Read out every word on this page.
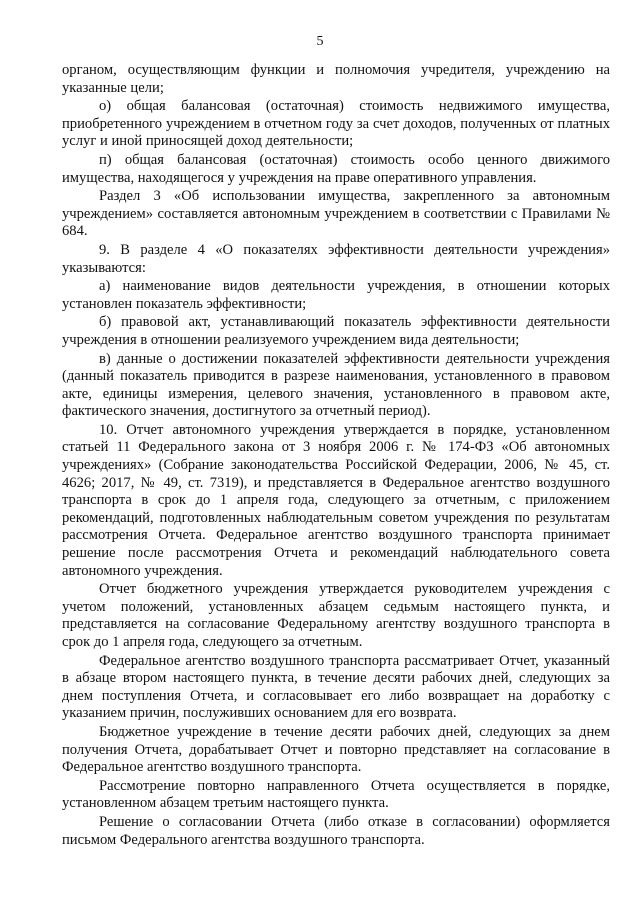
5

органом, осуществляющим функции и полномочия учредителя, учреждению на указанные цели;

о) общая балансовая (остаточная) стоимость недвижимого имущества, приобретенного учреждением в отчетном году за счет доходов, полученных от платных услуг и иной приносящей доход деятельности;

п) общая балансовая (остаточная) стоимость особо ценного движимого имущества, находящегося у учреждения на праве оперативного управления.

Раздел 3 «Об использовании имущества, закрепленного за автономным учреждением» составляется автономным учреждением в соответствии с Правилами № 684.

9. В разделе 4 «О показателях эффективности деятельности учреждения» указываются:

а) наименование видов деятельности учреждения, в отношении которых установлен показатель эффективности;

б) правовой акт, устанавливающий показатель эффективности деятельности учреждения в отношении реализуемого учреждением вида деятельности;

в) данные о достижении показателей эффективности деятельности учреждения (данный показатель приводится в разрезе наименования, установленного в правовом акте, единицы измерения, целевого значения, установленного в правовом акте, фактического значения, достигнутого за отчетный период).

10. Отчет автономного учреждения утверждается в порядке, установленном статьей 11 Федерального закона от 3 ноября 2006 г. № 174-ФЗ «Об автономных учреждениях» (Собрание законодательства Российской Федерации, 2006, № 45, ст. 4626; 2017, № 49, ст. 7319), и представляется в Федеральное агентство воздушного транспорта в срок до 1 апреля года, следующего за отчетным, с приложением рекомендаций, подготовленных наблюдательным советом учреждения по результатам рассмотрения Отчета. Федеральное агентство воздушного транспорта принимает решение после рассмотрения Отчета и рекомендаций наблюдательного совета автономного учреждения.

Отчет бюджетного учреждения утверждается руководителем учреждения с учетом положений, установленных абзацем седьмым настоящего пункта, и представляется на согласование Федеральному агентству воздушного транспорта в срок до 1 апреля года, следующего за отчетным.

Федеральное агентство воздушного транспорта рассматривает Отчет, указанный в абзаце втором настоящего пункта, в течение десяти рабочих дней, следующих за днем поступления Отчета, и согласовывает его либо возвращает на доработку с указанием причин, послуживших основанием для его возврата.

Бюджетное учреждение в течение десяти рабочих дней, следующих за днем получения Отчета, дорабатывает Отчет и повторно представляет на согласование в Федеральное агентство воздушного транспорта.

Рассмотрение повторно направленного Отчета осуществляется в порядке, установленном абзацем третьим настоящего пункта.

Решение о согласовании Отчета (либо отказе в согласовании) оформляется письмом Федерального агентства воздушного транспорта.
